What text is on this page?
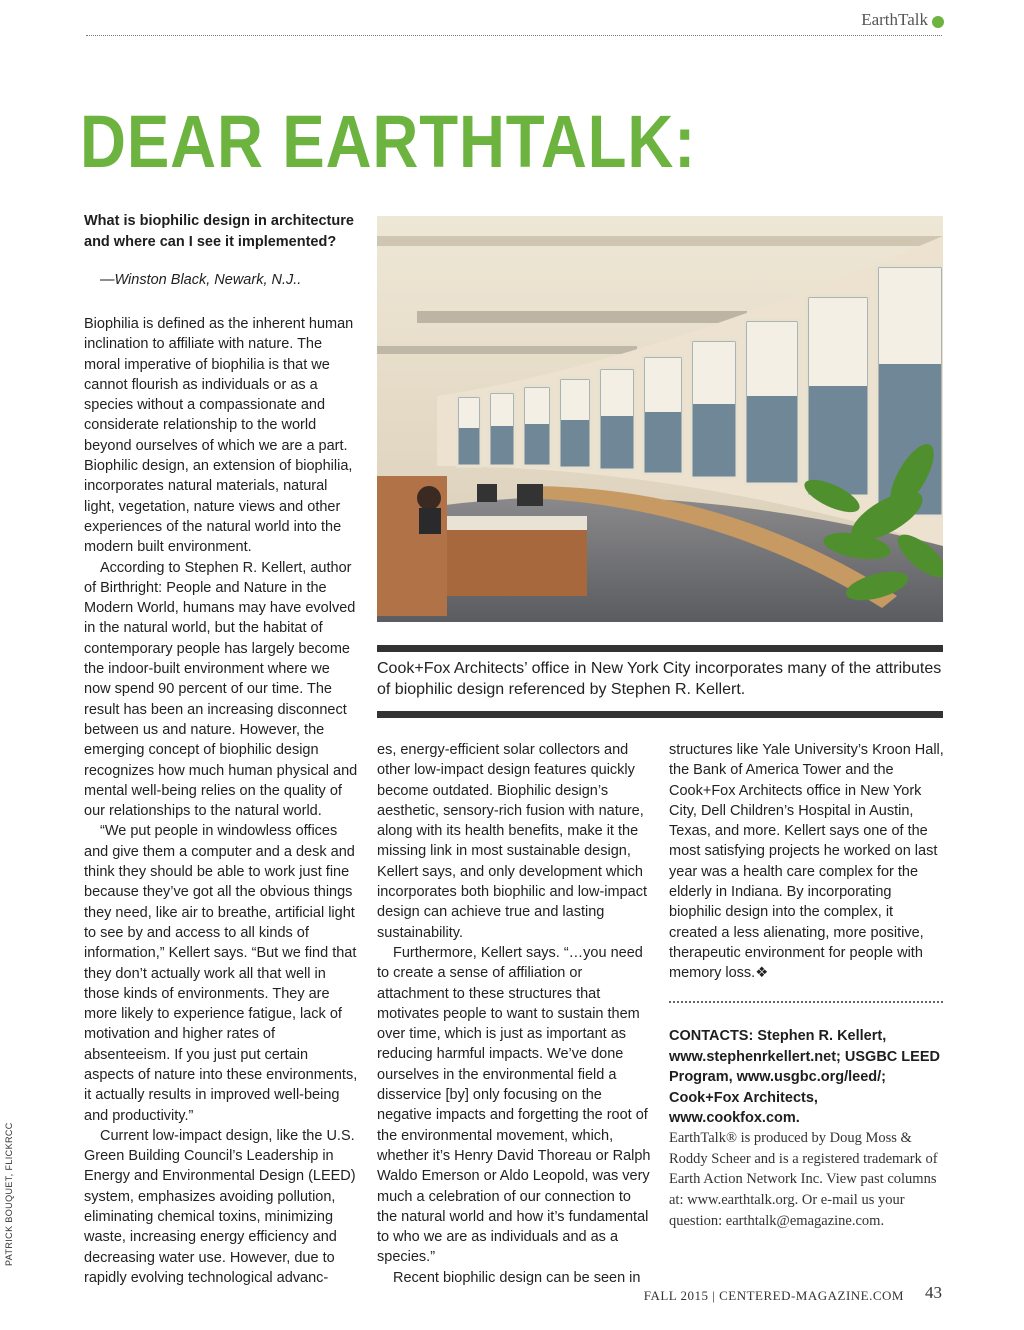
EarthTalk
DEAR EARTHTALK:
What is biophilic design in architecture and where can I see it implemented?
—Winston Black, Newark, N.J..

Biophilia is defined as the inherent human inclination to affiliate with nature. The moral imperative of biophilia is that we cannot flourish as individuals or as a species without a compassionate and considerate relationship to the world beyond ourselves of which we are a part. Biophilic design, an extension of biophilia, incorporates natural materials, natural light, vegetation, nature views and other experiences of the natural world into the modern built environment.

According to Stephen R. Kellert, author of Birthright: People and Nature in the Modern World, humans may have evolved in the natural world, but the habitat of contemporary people has largely become the indoor-built environment where we now spend 90 percent of our time. The result has been an increasing disconnect between us and nature. However, the emerging concept of biophilic design recognizes how much human physical and mental well-being relies on the quality of our relationships to the natural world.

“We put people in windowless offices and give them a computer and a desk and think they should be able to work just fine because they’ve got all the obvious things they need, like air to breathe, artificial light to see by and access to all kinds of information,” Kellert says. “But we find that they don’t actually work all that well in those kinds of environments. They are more likely to experience fatigue, lack of motivation and higher rates of absenteeism. If you just put certain aspects of nature into these environments, it actually results in improved well-being and productivity.”

Current low-impact design, like the U.S. Green Building Council’s Leadership in Energy and Environmental Design (LEED) system, emphasizes avoiding pollution, eliminating chemical toxins, minimizing waste, increasing energy efficiency and decreasing water use. However, due to rapidly evolving technological advanc-

Cook+Fox Architects’ office in New York City incorporates many of the attributes of biophilic design referenced by Stephen R. Kellert.

es, energy-efficient solar collectors and other low-impact design features quickly become outdated. Biophilic design’s aesthetic, sensory-rich fusion with nature, along with its health benefits, make it the missing link in most sustainable design, Kellert says, and only development which incorporates both biophilic and low-impact design can achieve true and lasting sustainability.

Furthermore, Kellert says. “…you need to create a sense of affiliation or attachment to these structures that motivates people to want to sustain them over time, which is just as important as reducing harmful impacts. We’ve done ourselves in the environmental field a disservice [by] only focusing on the negative impacts and forgetting the root of the environmental movement, which, whether it’s Henry David Thoreau or Ralph Waldo Emerson or Aldo Leopold, was very much a celebration of our connection to the natural world and how it’s fundamental to who we are as individuals and as a species.”

Recent biophilic design can be seen in

structures like Yale University’s Kroon Hall, the Bank of America Tower and the Cook+Fox Architects office in New York City, Dell Children’s Hospital in Austin, Texas, and more. Kellert says one of the most satisfying projects he worked on last year was a health care complex for the elderly in Indiana. By incorporating biophilic design into the complex, it created a less alienating, more positive, therapeutic environment for people with memory loss.❖

CONTACTS: Stephen R. Kellert, www.stephenrkellert.net; USGBC LEED Program, www.usgbc.org/leed/; Cook+Fox Architects, www.cookfox.com.
EarthTalk® is produced by Doug Moss & Roddy Scheer and is a registered trademark of Earth Action Network Inc. View past columns at: www.earthtalk.org. Or e-mail us your question: earthtalk@emagazine.com.
PATRICK BOUQUET, FLICKRCC
FALL 2015 | CENTERED-MAGAZINE.COM 43
